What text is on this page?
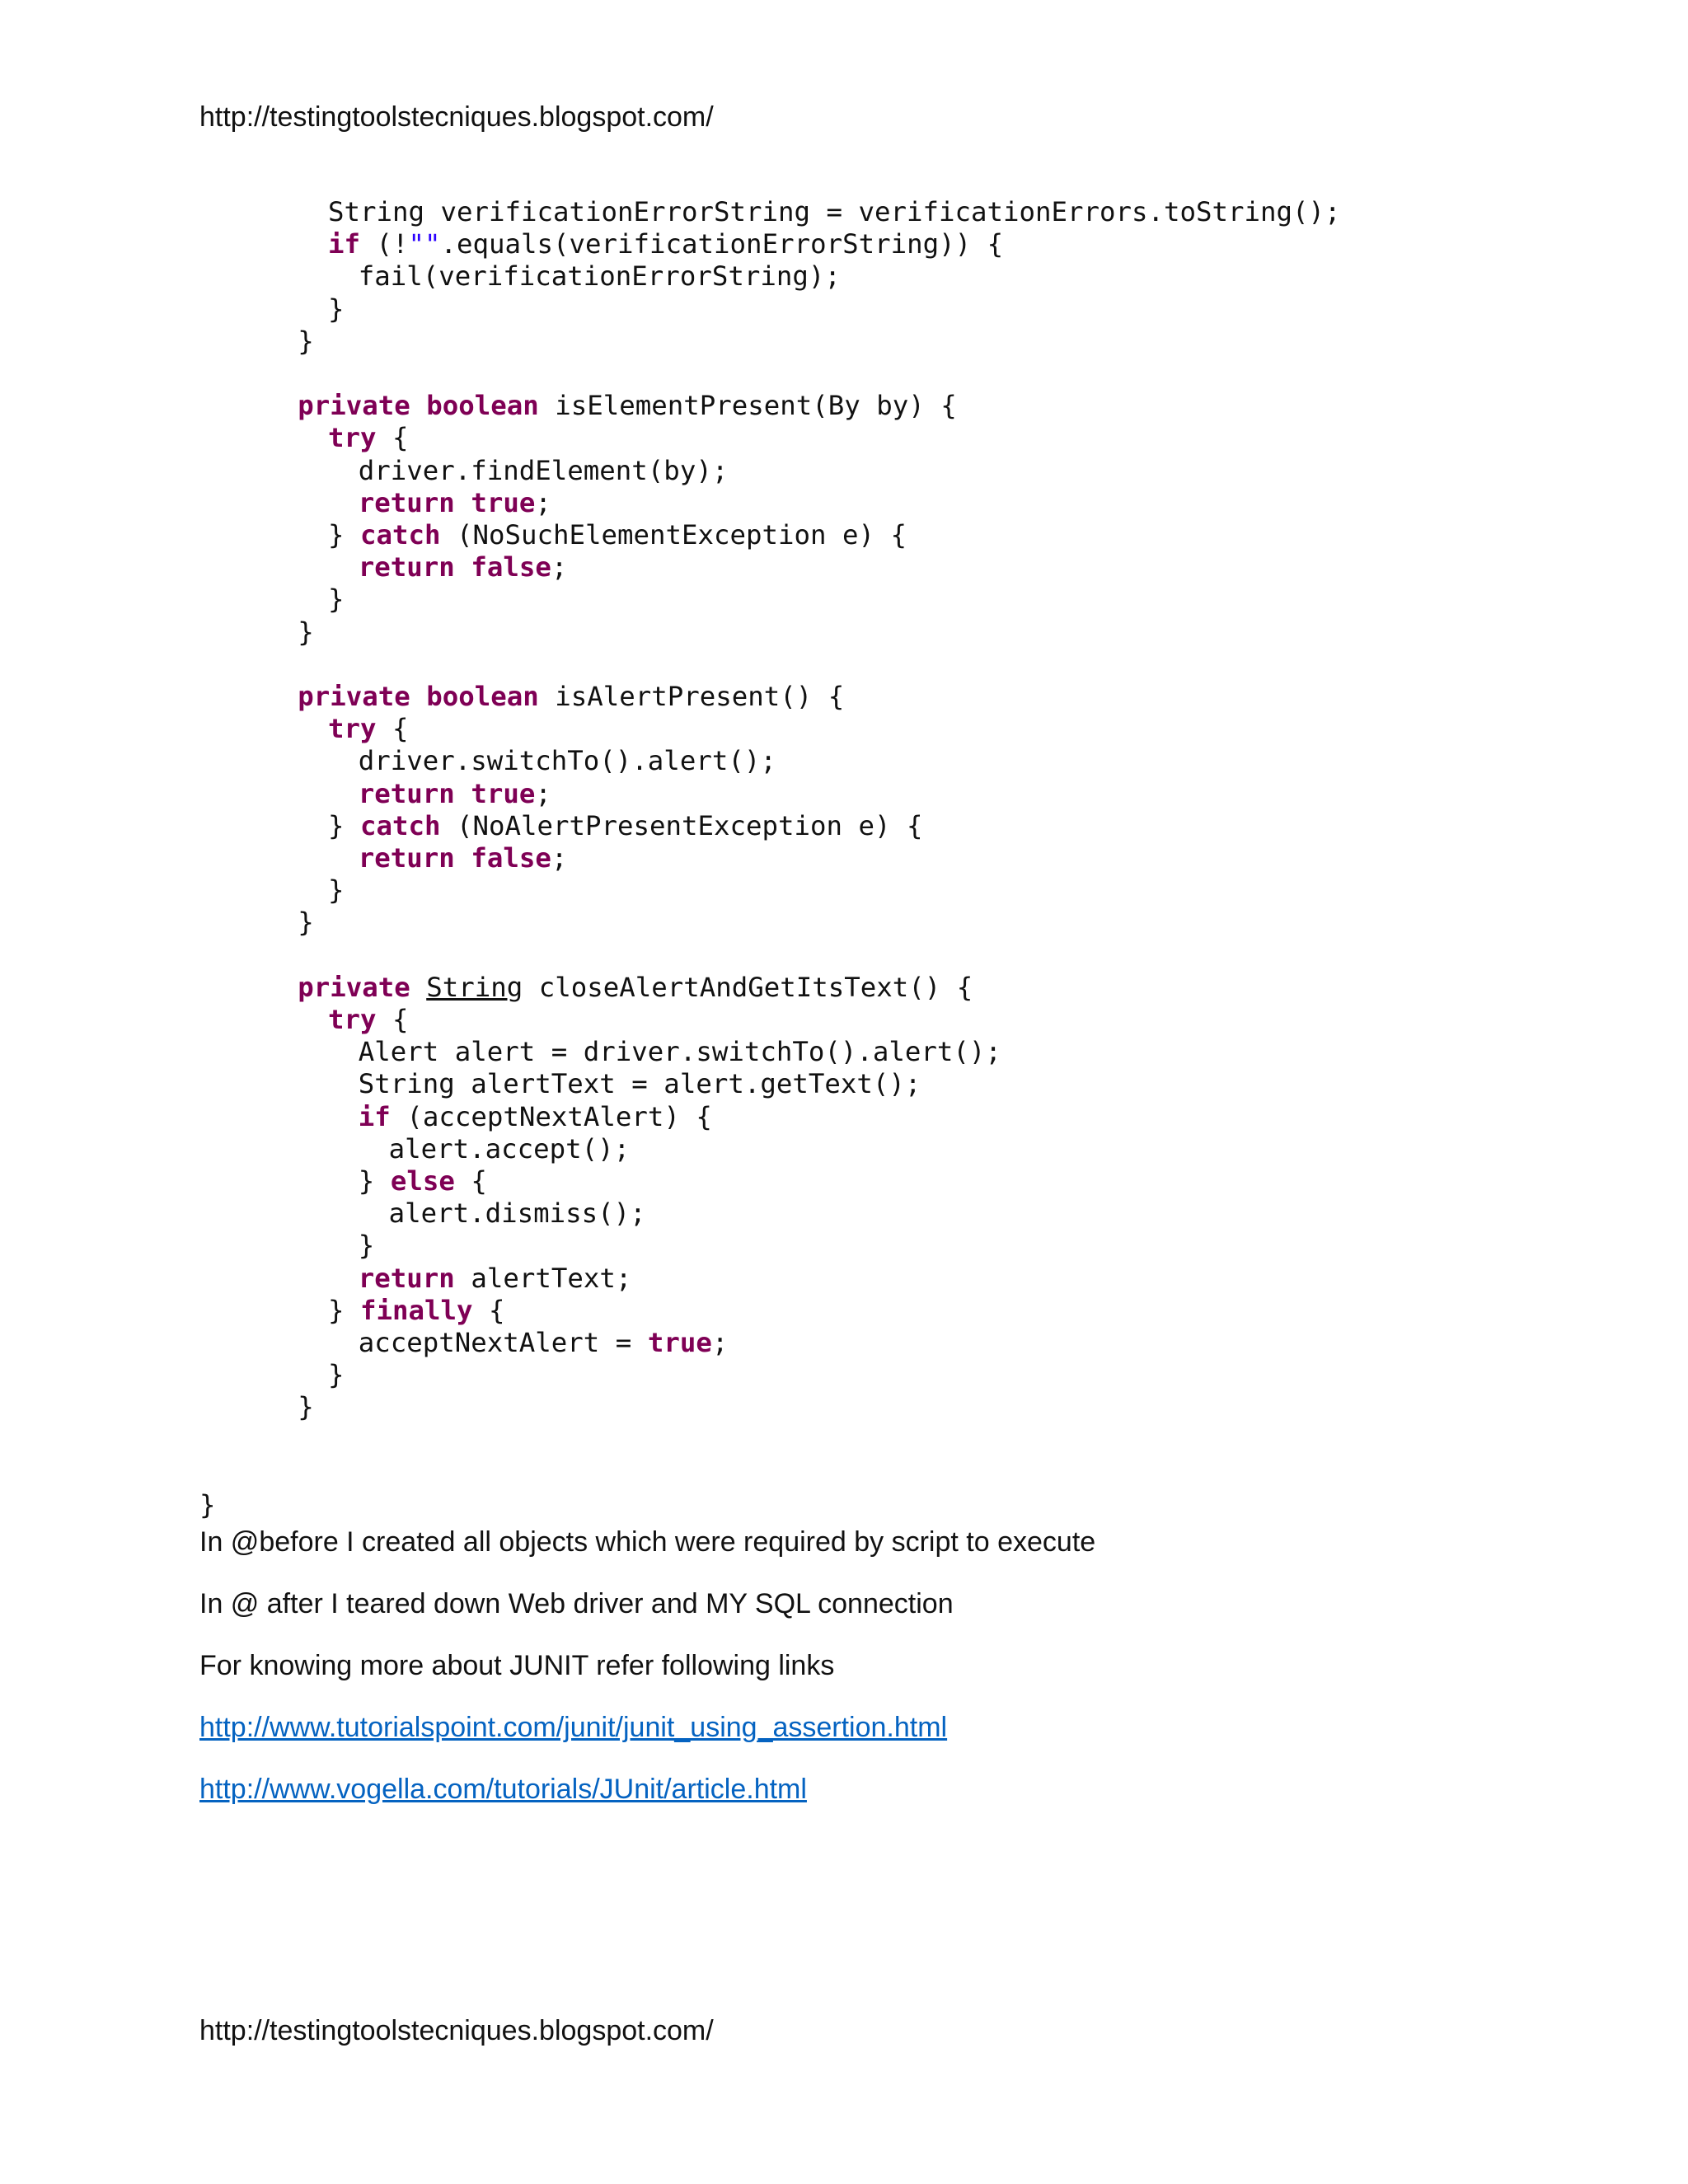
http://testingtoolstecniques.blogspot.com/
String verificationErrorString = verificationErrors.toString();
if (!"".equals(verificationErrorString)) {
fail(verificationErrorString);
}
}
private boolean isElementPresent(By by) {
try {
driver.findElement(by);
return true;
} catch (NoSuchElementException e) {
return false;
}
}
private boolean isAlertPresent() {
try {
driver.switchTo().alert();
return true;
} catch (NoAlertPresentException e) {
return false;
}
}
private String closeAlertAndGetItsText() {
try {
Alert alert = driver.switchTo().alert();
String alertText = alert.getText();
if (acceptNextAlert) {
alert.accept();
} else {
alert.dismiss();
}
return alertText;
} finally {
acceptNextAlert = true;
}
}
}
In @before I created all objects which were required by script to execute
In @ after I teared down Web driver and MY SQL connection
For knowing more about JUNIT refer following links
http://www.tutorialspoint.com/junit/junit_using_assertion.html
http://www.vogella.com/tutorials/JUnit/article.html
http://testingtoolstecniques.blogspot.com/
